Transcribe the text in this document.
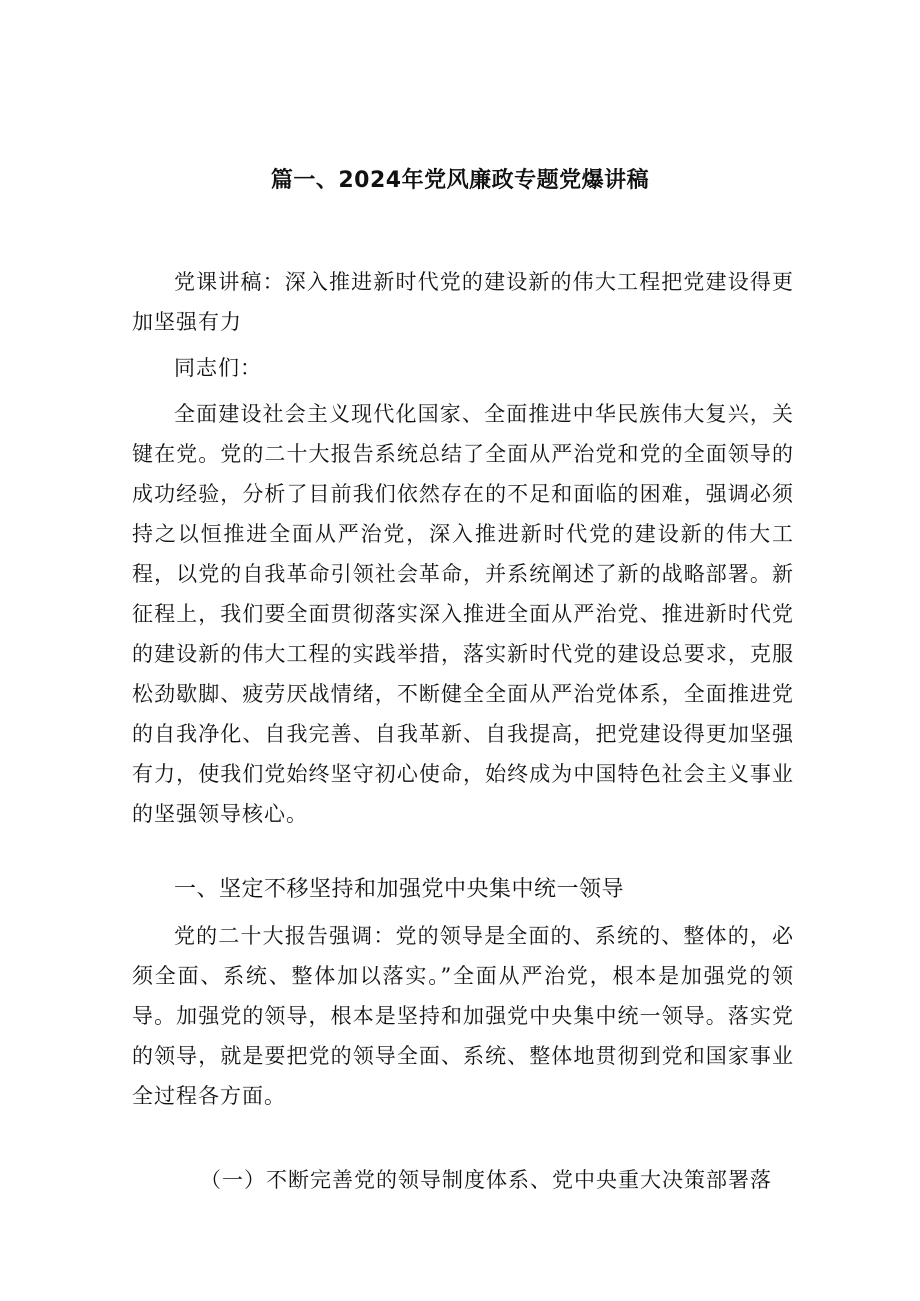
篇一、2024年党风廉政专题党爆讲稿
党课讲稿：深入推进新时代党的建设新的伟大工程把党建设得更加坚强有力
同志们：
全面建设社会主义现代化国家、全面推进中华民族伟大复兴，关键在党。党的二十大报告系统总结了全面从严治党和党的全面领导的成功经验，分析了目前我们依然存在的不足和面临的困难，强调必须持之以恒推进全面从严治党，深入推进新时代党的建设新的伟大工程，以党的自我革命引领社会革命，并系统阐述了新的战略部署。新征程上，我们要全面贯彻落实深入推进全面从严治党、推进新时代党的建设新的伟大工程的实践举措，落实新时代党的建设总要求，克服松劲歇脚、疲劳厌战情绪，不断健全全面从严治党体系，全面推进党的自我净化、自我完善、自我革新、自我提高，把党建设得更加坚强有力，使我们党始终坚守初心使命，始终成为中国特色社会主义事业的坚强领导核心。
一、坚定不移坚持和加强党中央集中统一领导
党的二十大报告强调：党的领导是全面的、系统的、整体的，必须全面、系统、整体加以落实。”全面从严治党，根本是加强党的领导。加强党的领导，根本是坚持和加强党中央集中统一领导。落实党的领导，就是要把党的领导全面、系统、整体地贯彻到党和国家事业全过程各方面。
（一）不断完善党的领导制度体系、党中央重大决策部署落
